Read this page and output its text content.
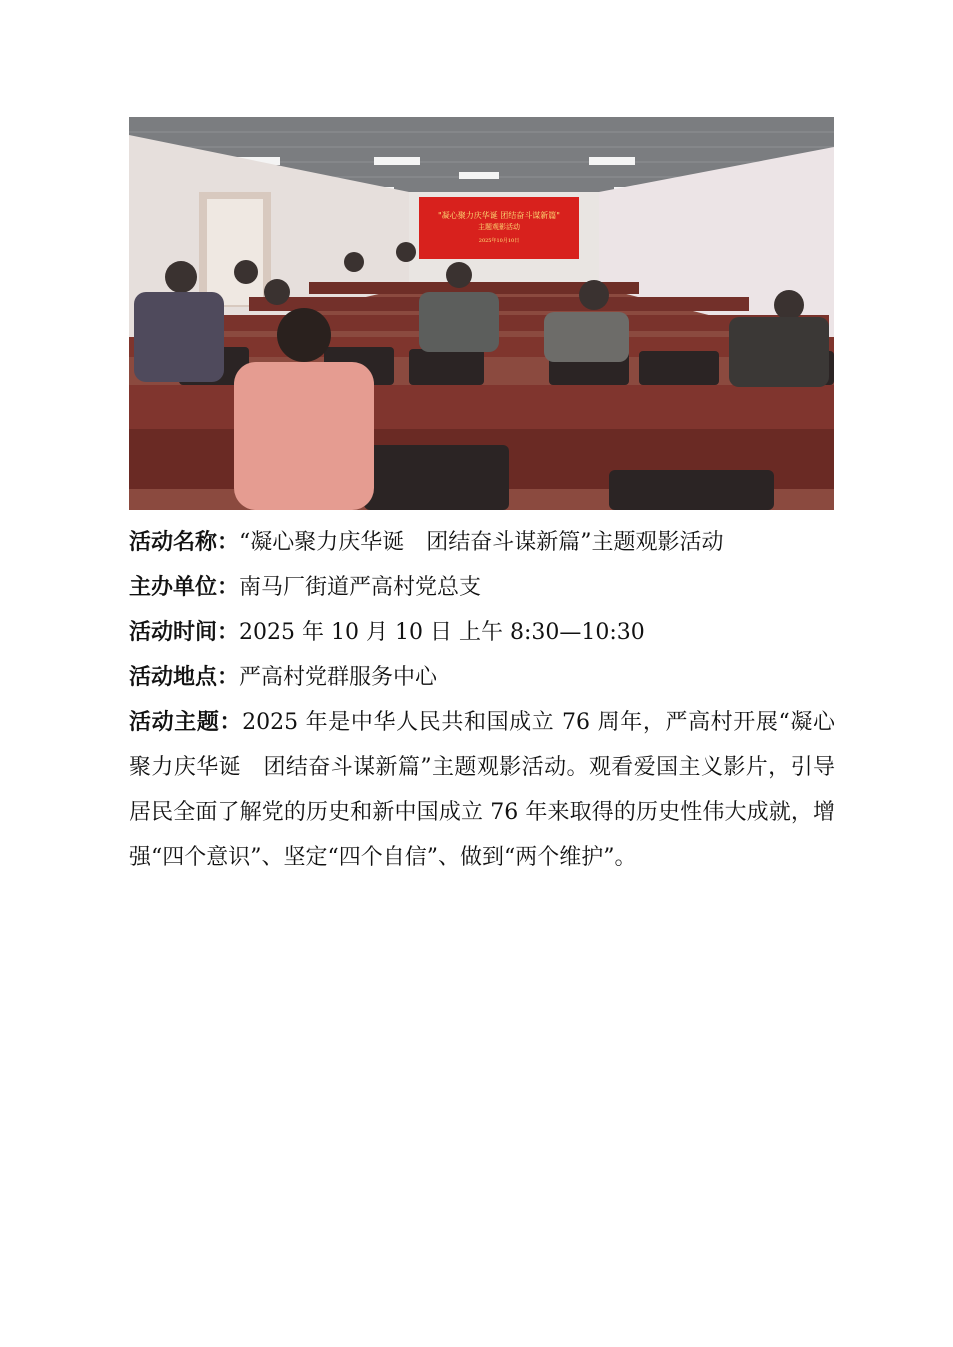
"凝心聚力庆华诞 团结奋斗谋新篇"
主题观影活动
2025年10月10日
活动名称：“凝心聚力庆华诞　团结奋斗谋新篇”主题观影活动
主办单位：南马厂街道严高村党总支
活动时间：2025 年 10 月 10 日 上午 8:30—10:30
活动地点：严高村党群服务中心
活动主题：2025 年是中华人民共和国成立 76 周年，严高村开展“凝心聚力庆华诞　团结奋斗谋新篇”主题观影活动。观看爱国主义影片，引导居民全面了解党的历史和新中国成立 76 年来取得的历史性伟大成就，增强“四个意识”、坚定“四个自信”、做到“两个维护”。
